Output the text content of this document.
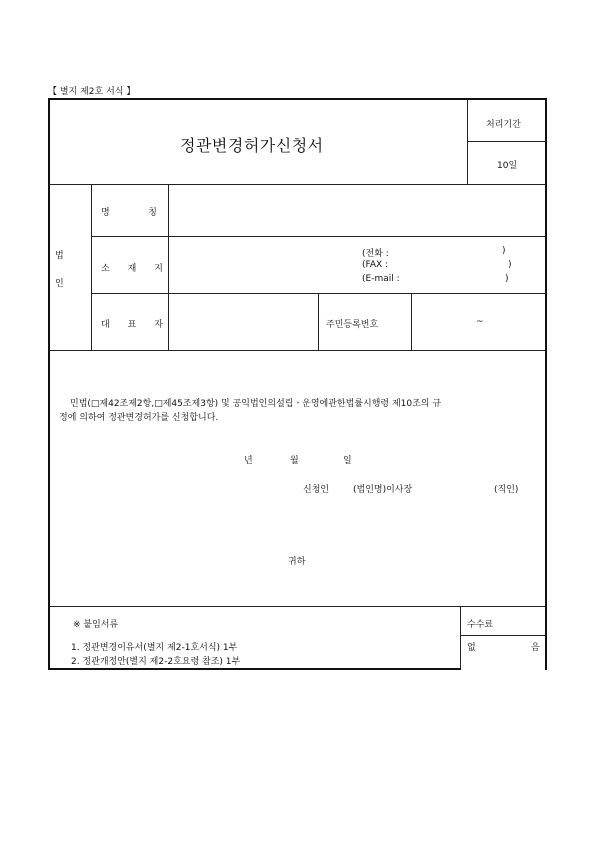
【 별지 제2호 서식 】
정관변경허가신청서
처리기간
10일
법
인
명 칭
소 재 지
(전화 :	)
(FAX :	)
(E-mail :	)
대 표 자	주민등록번호	~
민법(□제42조제2항,□제45조제3항) 및 공익법인의설립ㆍ운영에관한법률시행령 제10조의 규
정에 의하여 정관변경허가를 신청합니다.
년	월	일
신청인	(법인명)이사장	(직인)
귀하
※ 붙임서류
1. 정관변경이유서(별지 제2-1호서식) 1부
2. 정관개정안(별지 제2-2호요령 참조) 1부
수수료
없	음
